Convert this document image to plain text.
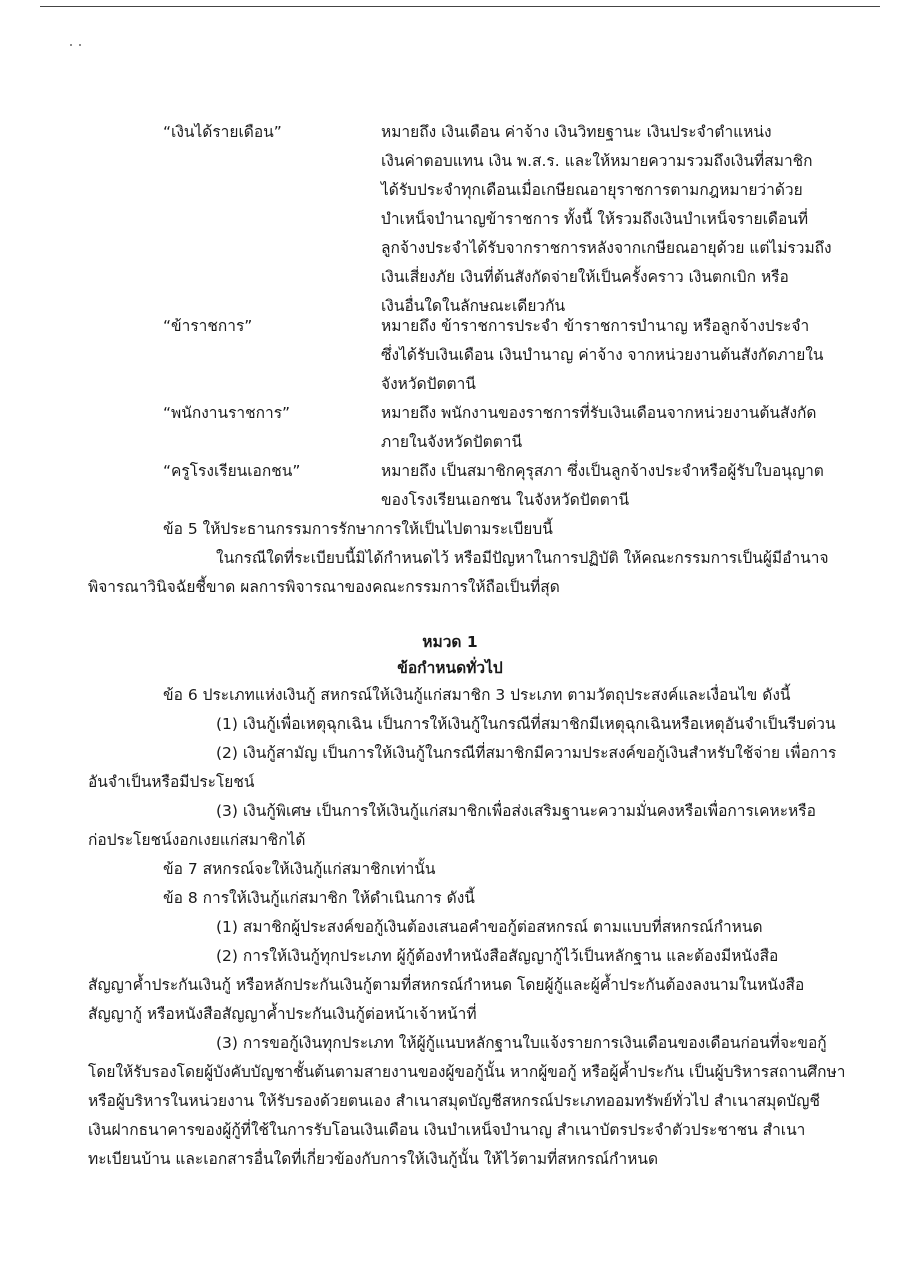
“เงินได้รายเดือน”	หมายถึง เงินเดือน ค่าจ้าง เงินวิทยฐานะ เงินประจำตำแหน่ง
เงินค่าตอบแทน เงิน พ.ส.ร. และให้หมายความรวมถึงเงินที่สมาชิก
ได้รับประจำทุกเดือนเมื่อเกษียณอายุราชการตามกฎหมายว่าด้วย
บำเหน็จบำนาญข้าราชการ ทั้งนี้ ให้รวมถึงเงินบำเหน็จรายเดือนที่
ลูกจ้างประจำได้รับจากราชการหลังจากเกษียณอายุด้วย แต่ไม่รวมถึง
เงินเสี่ยงภัย เงินที่ต้นสังกัดจ่ายให้เป็นครั้งคราว เงินตกเบิก หรือ
เงินอื่นใดในลักษณะเดียวกัน
“ข้าราชการ”	หมายถึง ข้าราชการประจำ ข้าราชการบำนาญ หรือลูกจ้างประจำ
ซึ่งได้รับเงินเดือน เงินบำนาญ ค่าจ้าง จากหน่วยงานต้นสังกัดภายใน
จังหวัดปัตตานี
“พนักงานราชการ”	หมายถึง พนักงานของราชการที่รับเงินเดือนจากหน่วยงานต้นสังกัด
ภายในจังหวัดปัตตานี
“ครูโรงเรียนเอกชน”	หมายถึง เป็นสมาชิกคุรุสภา ซึ่งเป็นลูกจ้างประจำหรือผู้รับใบอนุญาต
ของโรงเรียนเอกชน ในจังหวัดปัตตานี
ข้อ 5 ให้ประธานกรรมการรักษาการให้เป็นไปตามระเบียบนี้
ในกรณีใดที่ระเบียบนี้มิได้กำหนดไว้ หรือมีปัญหาในการปฏิบัติ ให้คณะกรรมการเป็นผู้มีอำนาจ
พิจารณาวินิจฉัยชี้ขาด ผลการพิจารณาของคณะกรรมการให้ถือเป็นที่สุด
หมวด 1
ข้อกำหนดทั่วไป
ข้อ 6 ประเภทแห่งเงินกู้ สหกรณ์ให้เงินกู้แก่สมาชิก 3 ประเภท ตามวัตถุประสงค์และเงื่อนไข ดังนี้
(1) เงินกู้เพื่อเหตุฉุกเฉิน เป็นการให้เงินกู้ในกรณีที่สมาชิกมีเหตุฉุกเฉินหรือเหตุอันจำเป็นรีบด่วน
(2) เงินกู้สามัญ เป็นการให้เงินกู้ในกรณีที่สมาชิกมีความประสงค์ขอกู้เงินสำหรับใช้จ่าย เพื่อการ
อันจำเป็นหรือมีประโยชน์
(3) เงินกู้พิเศษ เป็นการให้เงินกู้แก่สมาชิกเพื่อส่งเสริมฐานะความมั่นคงหรือเพื่อการเคหะหรือ
ก่อประโยชน์งอกเงยแก่สมาชิกได้
ข้อ 7 สหกรณ์จะให้เงินกู้แก่สมาชิกเท่านั้น
ข้อ 8 การให้เงินกู้แก่สมาชิก ให้ดำเนินการ ดังนี้
(1) สมาชิกผู้ประสงค์ขอกู้เงินต้องเสนอคำขอกู้ต่อสหกรณ์ ตามแบบที่สหกรณ์กำหนด
(2) การให้เงินกู้ทุกประเภท ผู้กู้ต้องทำหนังสือสัญญากู้ไว้เป็นหลักฐาน และต้องมีหนังสือ
สัญญาค้ำประกันเงินกู้ หรือหลักประกันเงินกู้ตามที่สหกรณ์กำหนด โดยผู้กู้และผู้ค้ำประกันต้องลงนามในหนังสือ
สัญญากู้ หรือหนังสือสัญญาค้ำประกันเงินกู้ต่อหน้าเจ้าหน้าที่
(3) การขอกู้เงินทุกประเภท ให้ผู้กู้แนบหลักฐานใบแจ้งรายการเงินเดือนของเดือนก่อนที่จะขอกู้
โดยให้รับรองโดยผู้บังคับบัญชาชั้นต้นตามสายงานของผู้ขอกู้นั้น หากผู้ขอกู้ หรือผู้ค้ำประกัน เป็นผู้บริหารสถานศึกษา
หรือผู้บริหารในหน่วยงาน ให้รับรองด้วยตนเอง สำเนาสมุดบัญชีสหกรณ์ประเภทออมทรัพย์ทั่วไป สำเนาสมุดบัญชี
เงินฝากธนาคารของผู้กู้ที่ใช้ในการรับโอนเงินเดือน เงินบำเหน็จบำนาญ สำเนาบัตรประจำตัวประชาชน สำเนา
ทะเบียนบ้าน และเอกสารอื่นใดที่เกี่ยวข้องกับการให้เงินกู้นั้น ให้ไว้ตามที่สหกรณ์กำหนด
